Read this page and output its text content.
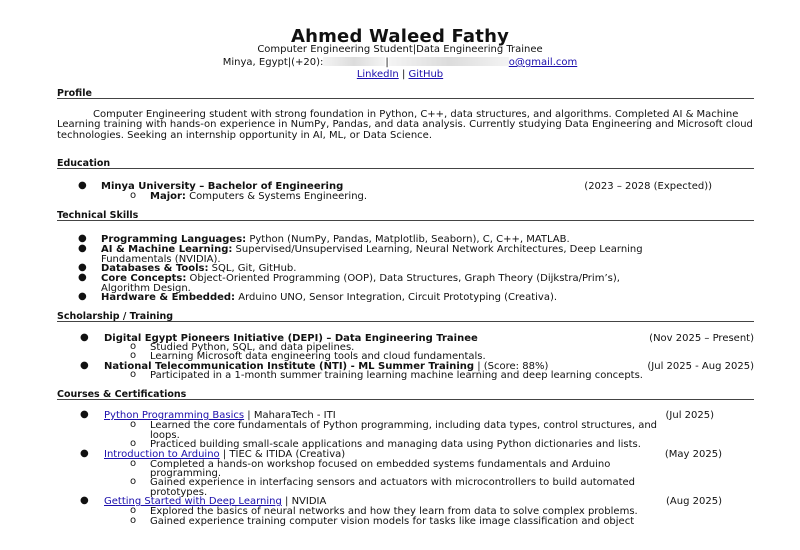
Ahmed Waleed Fathy
Computer Engineering Student|Data Engineering Trainee
Minya, Egypt|(+20):	|	o@gmail.com
LinkedIn | GitHub
Profile
Computer Engineering student with strong foundation in Python, C++, data structures, and algorithms. Completed AI & Machine Learning training with hands-on experience in NumPy, Pandas, and data analysis. Currently studying Data Engineering and Microsoft cloud technologies. Seeking an internship opportunity in AI, ML, or Data Science.
Education
● Minya University – Bachelor of Engineering	(2023 – 2028 (Expected))
o Major: Computers & Systems Engineering.
Technical Skills
● Programming Languages: Python (NumPy, Pandas, Matplotlib, Seaborn), C, C++, MATLAB.
● AI & Machine Learning: Supervised/Unsupervised Learning, Neural Network Architectures, Deep Learning
Fundamentals (NVIDIA).
● Databases & Tools: SQL, Git, GitHub.
● Core Concepts: Object-Oriented Programming (OOP), Data Structures, Graph Theory (Dijkstra/Prim’s),
Algorithm Design.
● Hardware & Embedded: Arduino UNO, Sensor Integration, Circuit Prototyping (Creativa).
Scholarship / Training
● Digital Egypt Pioneers Initiative (DEPI) – Data Engineering Trainee	(Nov 2025 – Present)
o Studied Python, SQL, and data pipelines.
o Learning Microsoft data engineering tools and cloud fundamentals.
● National Telecommunication Institute (NTI) - ML Summer Training | (Score: 88%)	(Jul 2025 - Aug 2025)
o Participated in a 1-month summer training learning machine learning and deep learning concepts.
Courses & Certifications
● Python Programming Basics | MaharaTech - ITI	(Jul 2025)
o Learned the core fundamentals of Python programming, including data types, control structures, and
loops.
o Practiced building small-scale applications and managing data using Python dictionaries and lists.
● Introduction to Arduino | TIEC & ITIDA (Creativa)	(May 2025)
o Completed a hands-on workshop focused on embedded systems fundamentals and Arduino
programming.
o Gained experience in interfacing sensors and actuators with microcontrollers to build automated
prototypes.
● Getting Started with Deep Learning | NVIDIA	(Aug 2025)
o Explored the basics of neural networks and how they learn from data to solve complex problems.
o Gained experience training computer vision models for tasks like image classification and object
